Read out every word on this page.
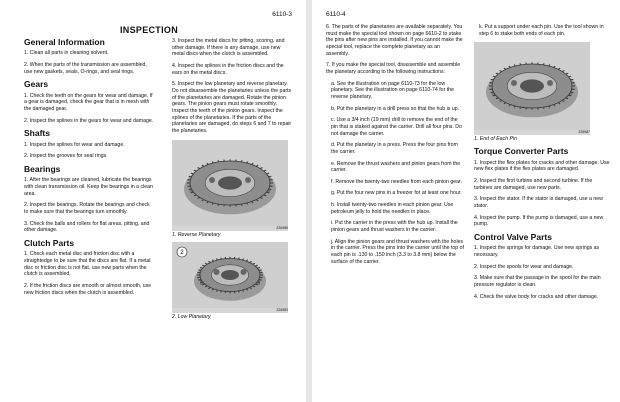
6110-3
INSPECTION
General Information

1. Clean all parts in cleaning solvent.

2. When the parts of the transmission are assembled, use new gaskets, seals, O-rings, and seal rings.

Gears

1. Check the teeth on the gears for wear and damage. If a gear is damaged, check the gear that is in mesh with the damaged gear.

2. Inspect the splines in the gears for wear and damage.

Shafts

1. Inspect the splines for wear and damage.

2. Inspect the grooves for seal rings.

Bearings

1. After the bearings are cleaned, lubricate the bearings with clean transmission oil. Keep the bearings in a clean area.

2. Inspect the bearings. Rotate the bearings and check to make sure that the bearings turn smoothly.

3. Check the balls and rollers for flat areas, pitting, and other damage.

Clutch Parts

1. Check each metal disc and friction disc with a straightedge to be sure that the discs are flat. If a metal disc or friction disc is not flat, use new parts when the clutch is assembled.

2. If the friction discs are smooth or almost smooth, use new friction discs when the clutch is assembled.

3. Inspect the metal discs for pitting, scoring, and other damage. If there is any damage, use new metal discs when the clutch is assembled.

4. Inspect the splines in the friction discs and the ears on the metal discs.

5. Inspect the low planetary and reverse planetary. Do not disassemble the planetaries unless the parts of the planetaries are damaged. Rotate the pinion gears. The pinion gears must rotate smoothly. Inspect the teeth of the pinion gears. Inspect the splines of the planetaries. If the parts of the planetaries are damaged, do steps 6 and 7 to repair the planetaries.

226985
1. Reverse Planetary
2
226983
2. Low Planetary
6110-4

6. The parts of the planetaries are available separately. You must make the special tool shown on page 6610-2 to stake the pins after new pins are installed. If you cannot make the special tool, replace the complete planetary as an assembly.

7. If you make the special tool, disassemble and assemble the planetary according to the following instructions:

a. See the illustration on page 6110-73 for the low planetary. See the illustration on page 6110-74 for the reverse planetary.

b. Put the planetary in a drill press so that the hub is up.

c. Use a 3/4 inch (19 mm) drill to remove the end of the pin that is staked against the carrier. Drill all four pins. Do not damage the carrier.

d. Put the planetary in a press. Press the four pins from the carrier.

e. Remove the thrust washers and pinion gears from the carrier.

f. Remove the twenty-two needles from each pinion gear.

g. Put the four new pins in a freezer for at least one hour.

h. Install twenty-two needles in each pinion gear. Use petroleum jelly to hold the needles in place.

i. Put the carrier in the press with the hub up. Install the pinion gears and thrust washers in the carrier.

j. Align the pinion gears and thrust washers with the holes in the carrier. Press the pins into the carrier until the top of each pin is .130 to .150 inch (3.3 to 3.8 mm) below the surface of the carrier.

k. Put a support under each pin. Use the tool shown in step 6 to stake both ends of each pin.

226987
1. End of Each Pin
Torque Converter Parts

1. Inspect the flex plates for cracks and other damage. Use new flex plates if the flex plates are damaged.

2. Inspect the first turbine and second turbine. If the turbines are damaged, use new parts.

3. Inspect the stator. If the stator is damaged, use a new stator.

4. Inspect the pump. If the pump is damaged, use a new pump.

Control Valve Parts

1. Inspect the springs for damage. Use new springs as necessary.

2. Inspect the spools for wear and damage.

3. Make sure that the passage in the spool for the main pressure regulator is clean.

4. Check the valve body for cracks and other damage.
